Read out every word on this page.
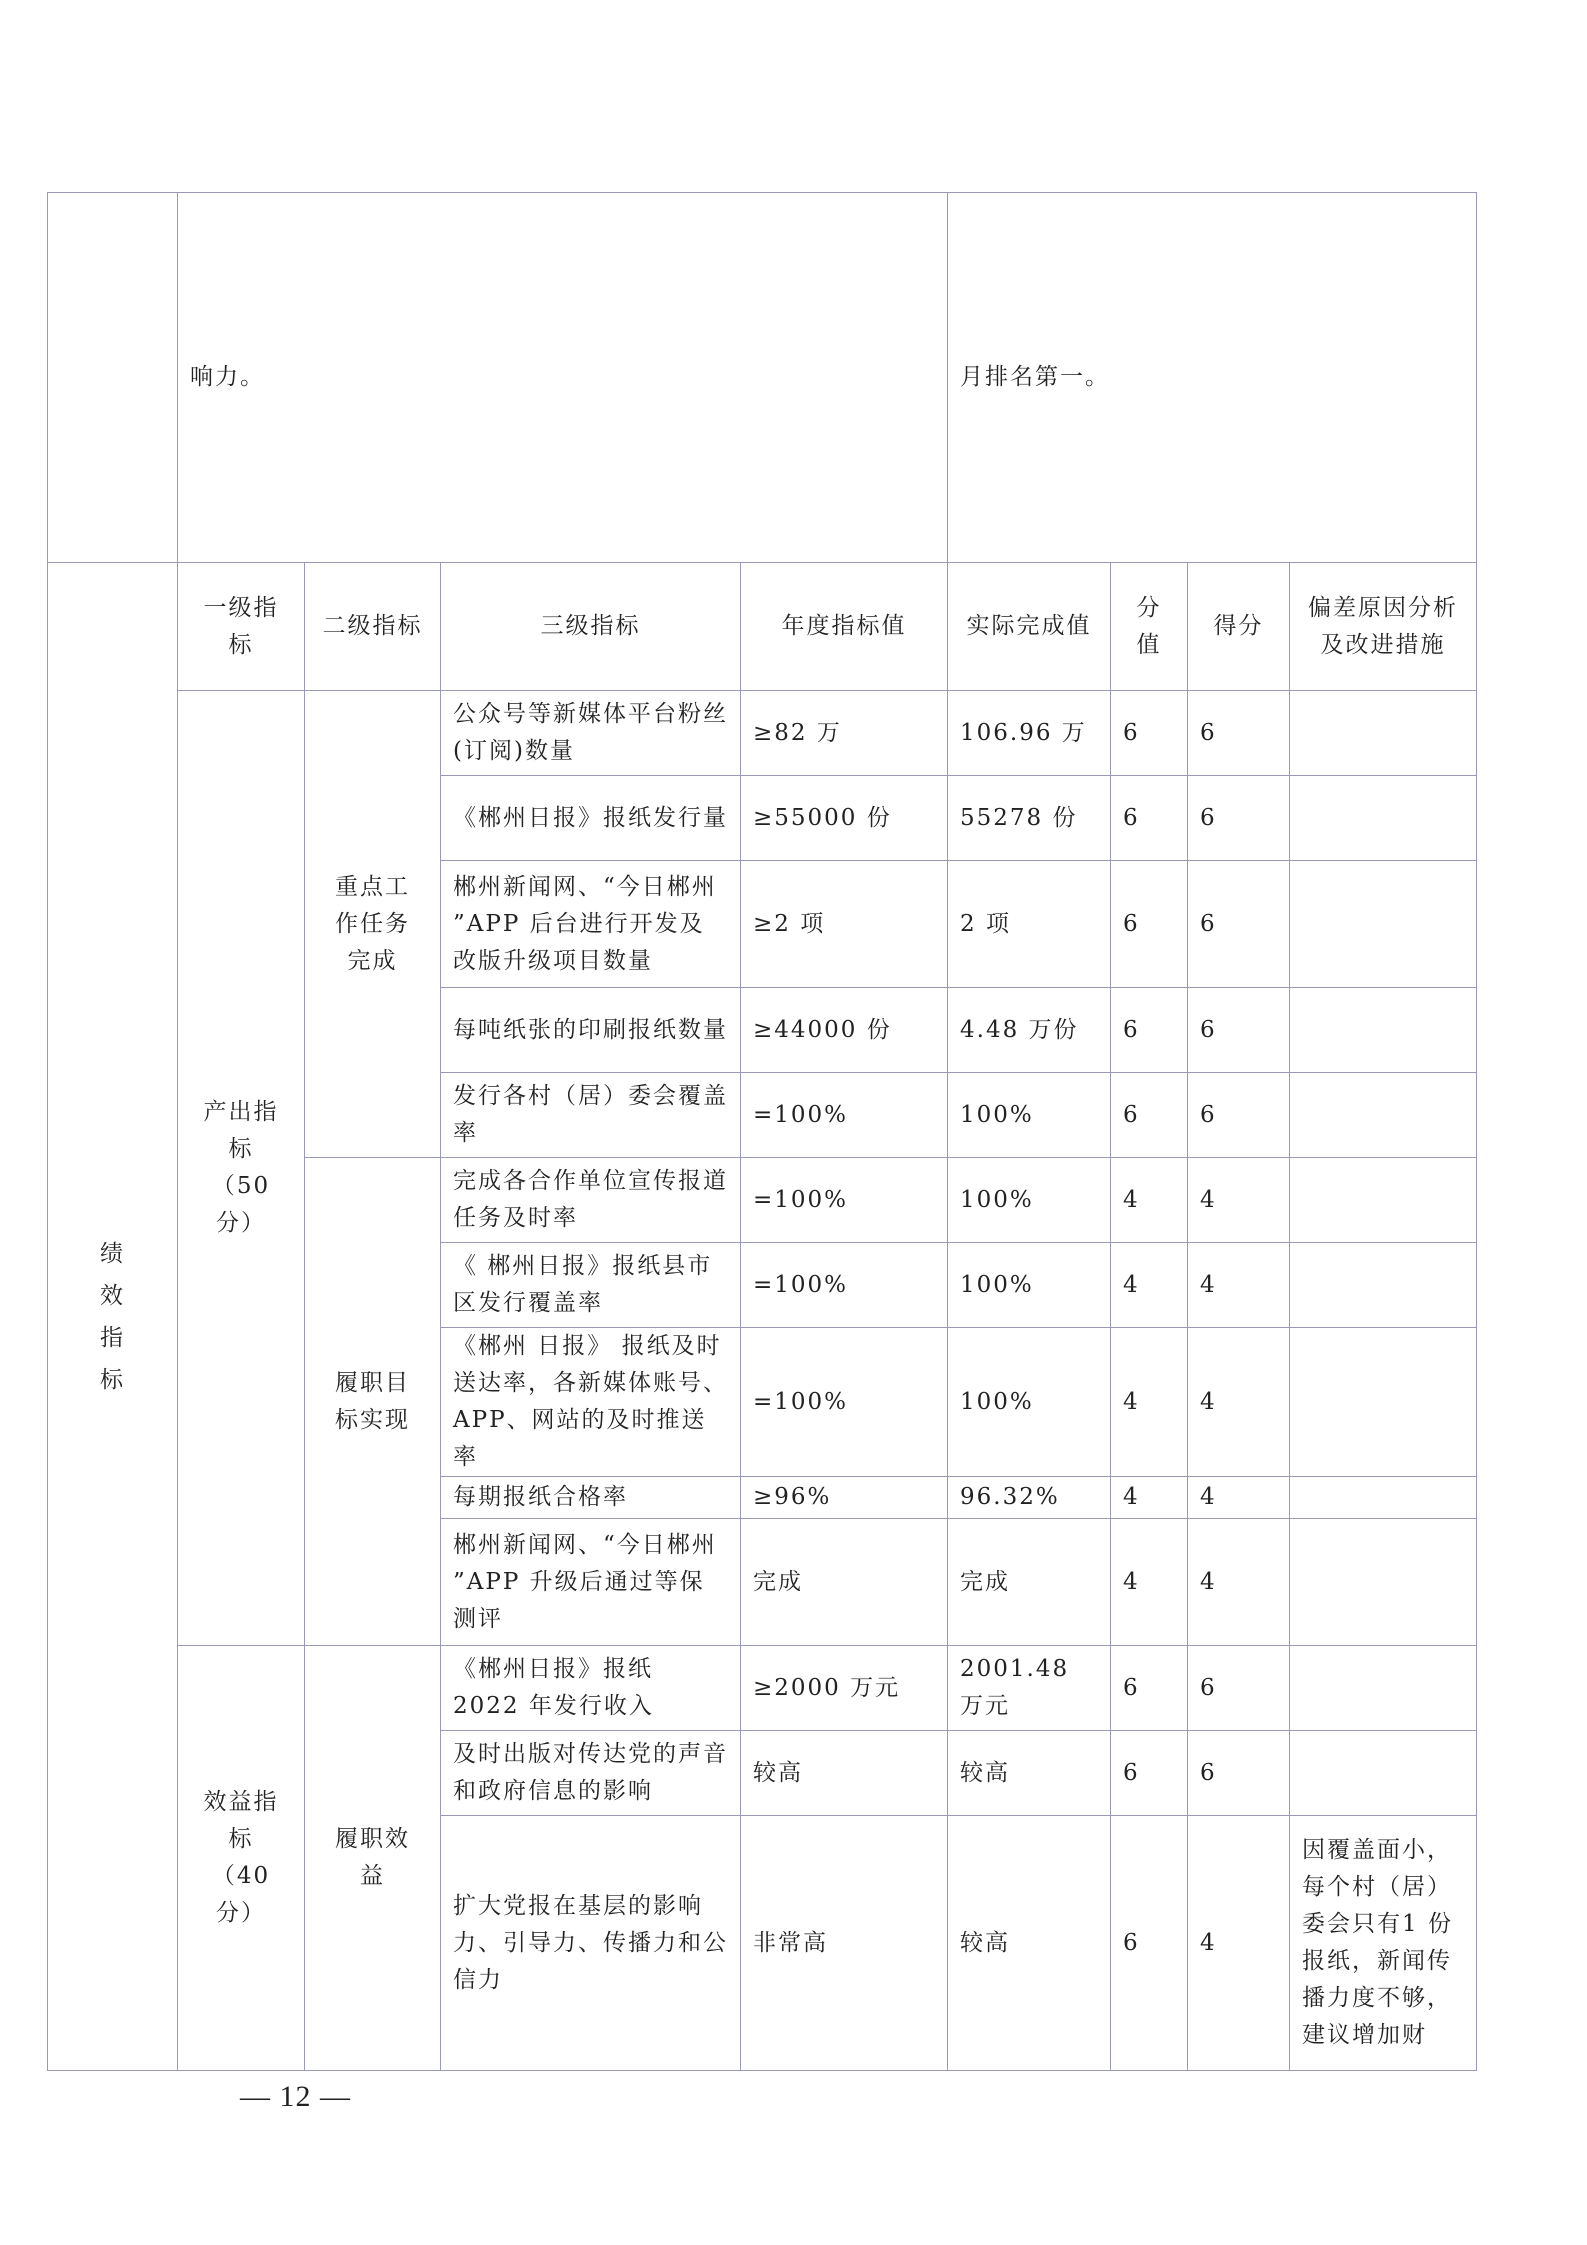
	响力。				月排名第一。			

绩
效
指
标	一级指标	二级指标	三级指标	年度指标值	实际完成值	分值	得分	偏差原因分析及改进措施
	产出指标（50分）	重点工作任务完成	公众号等新媒体平台粉丝(订阅)数量	≥82 万	106.96 万	6	6	
			《郴州日报》报纸发行量	≥55000 份	55278 份	6	6	
			郴州新闻网、“今日郴州 ”APP 后台进行开发及改版升级项目数量	≥2 项	2 项	6	6	
			每吨纸张的印刷报纸数量	≥44000 份	4.48 万份	6	6	
			发行各村（居）委会覆盖率	=100%	100%	6	6	
		履职目标实现	完成各合作单位宣传报道任务及时率	=100%	100%	4	4	
			《 郴州日报》报纸县市区发行覆盖率	=100%	100%	4	4	
			《郴州 日报》 报纸及时送达率，各新媒体账号、APP、网站的及时推送率	=100%	100%	4	4	
			每期报纸合格率	≥96%	96.32%	4	4	
			郴州新闻网、“今日郴州 ”APP 升级后通过等保测评	完成	完成	4	4	
	效益指标（40分）	履职效益	《郴州日报》报纸 2022 年发行收入	≥2000 万元	2001.48 万元	6	6	
			及时出版对传达党的声音和政府信息的影响	较高	较高	6	6	
			扩大党报在基层的影响力、引导力、传播力和公信力	非常高	较高	6	4	因覆盖面小，每个村（居）委会只有1 份报纸，新闻传播力度不够，建议增加财
— 12 —
